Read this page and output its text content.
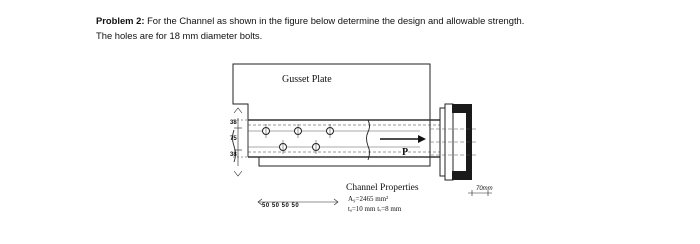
Problem 2: For the Channel as shown in the figure below determine the design and allowable strength.
The holes are for 18 mm diameter bolts.
Gusset Plate
P
38
75
38
50 50 50 50
Channel Properties
A₉=2465 mm²
tₐ=10 mm tᵥ=8 mm
70mm
